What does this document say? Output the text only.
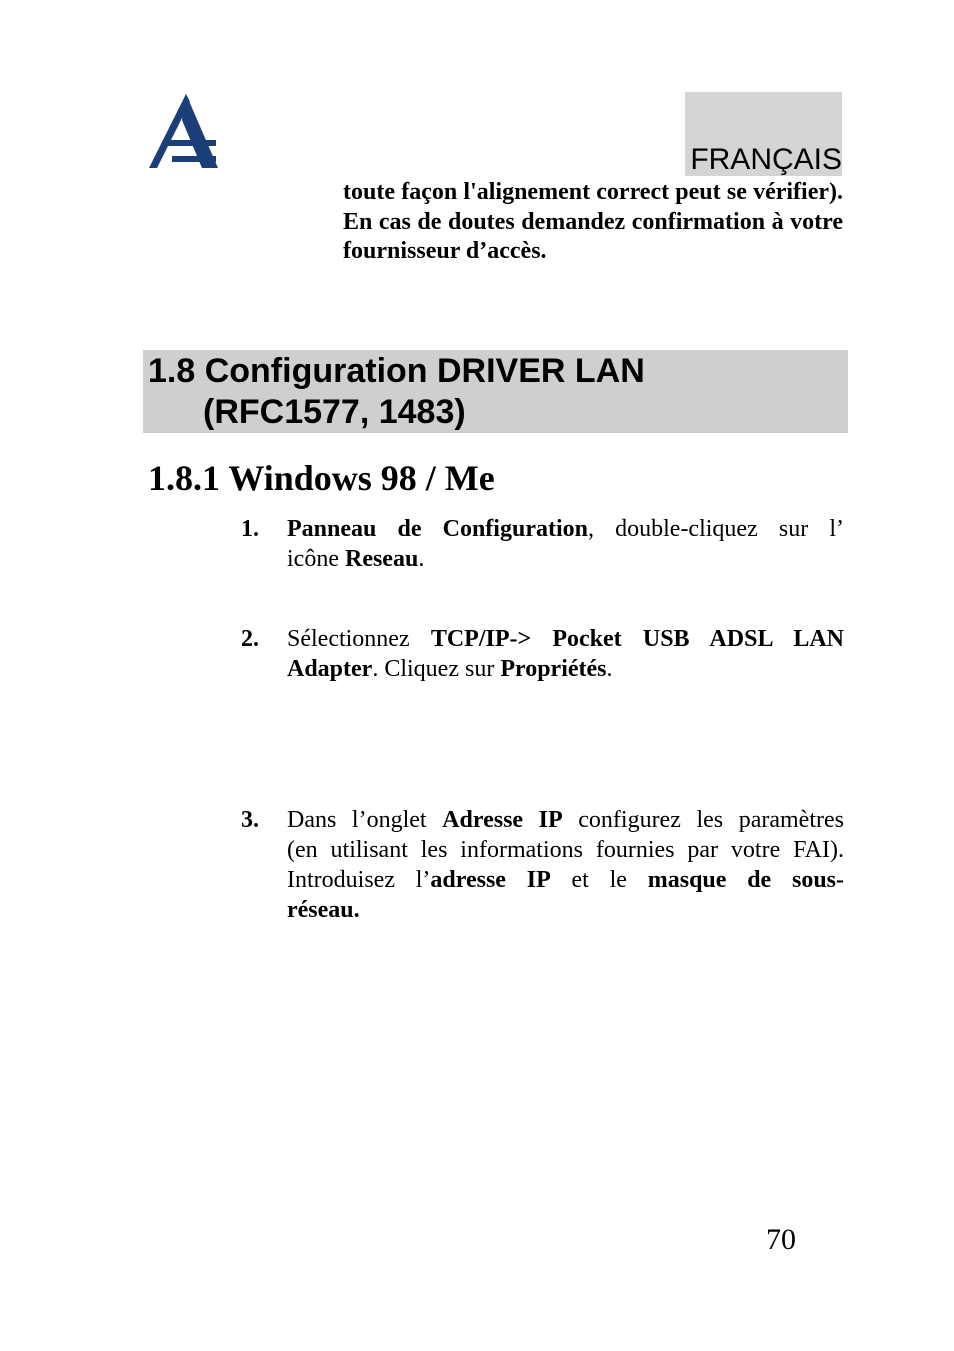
FRANÇAIS
toute façon l'alignement correct peut se vérifier). En cas de doutes demandez confirmation à votre fournisseur d’accès.
1.8 Configuration DRIVER LAN
(RFC1577, 1483)
1.8.1 Windows 98 / Me
1. Panneau de Configuration, double-cliquez sur l’
icône Reseau.
2. Sélectionnez TCP/IP-> Pocket USB ADSL LAN
Adapter. Cliquez sur Propriétés.
3. Dans l’onglet Adresse IP configurez les paramètres
(en utilisant les informations fournies par votre FAI).
Introduisez l’adresse IP et le masque de sous-
réseau.
70
